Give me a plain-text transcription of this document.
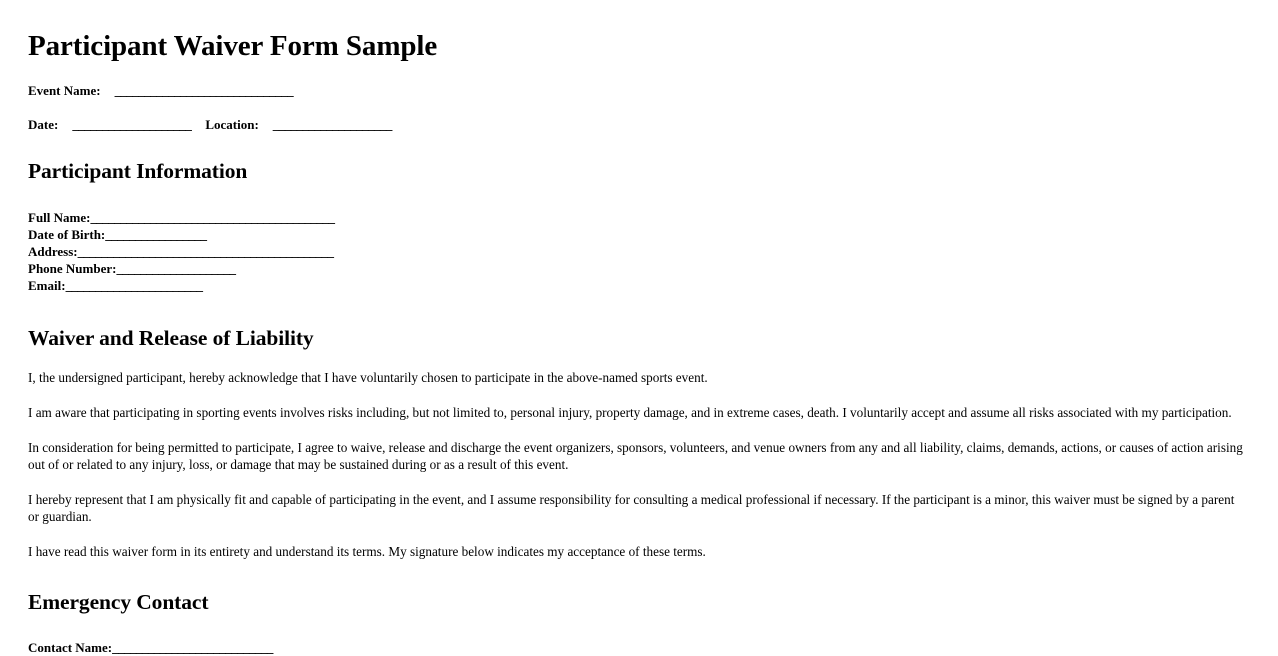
Participant Waiver Form Sample

Event Name: ______________________________

Date: ____________________ Location: ____________________

Participant Information

Full Name:_________________________________________

Date of Birth:_________________

Address:___________________________________________

Phone Number:____________________

Email:_______________________

Waiver and Release of Liability

I, the undersigned participant, hereby acknowledge that I have voluntarily chosen to participate in the above-named sports event.

I am aware that participating in sporting events involves risks including, but not limited to, personal injury, property damage, and in extreme cases, death. I voluntarily accept and assume all risks associated with my participation.

In consideration for being permitted to participate, I agree to waive, release and discharge the event organizers, sponsors, volunteers, and venue owners from any and all liability, claims, demands, actions, or causes of action arising out of or related to any injury, loss, or damage that may be sustained during or as a result of this event.

I hereby represent that I am physically fit and capable of participating in the event, and I assume responsibility for consulting a medical professional if necessary. If the participant is a minor, this waiver must be signed by a parent or guardian.

I have read this waiver form in its entirety and understand its terms. My signature below indicates my acceptance of these terms.

Emergency Contact

Contact Name:___________________________
